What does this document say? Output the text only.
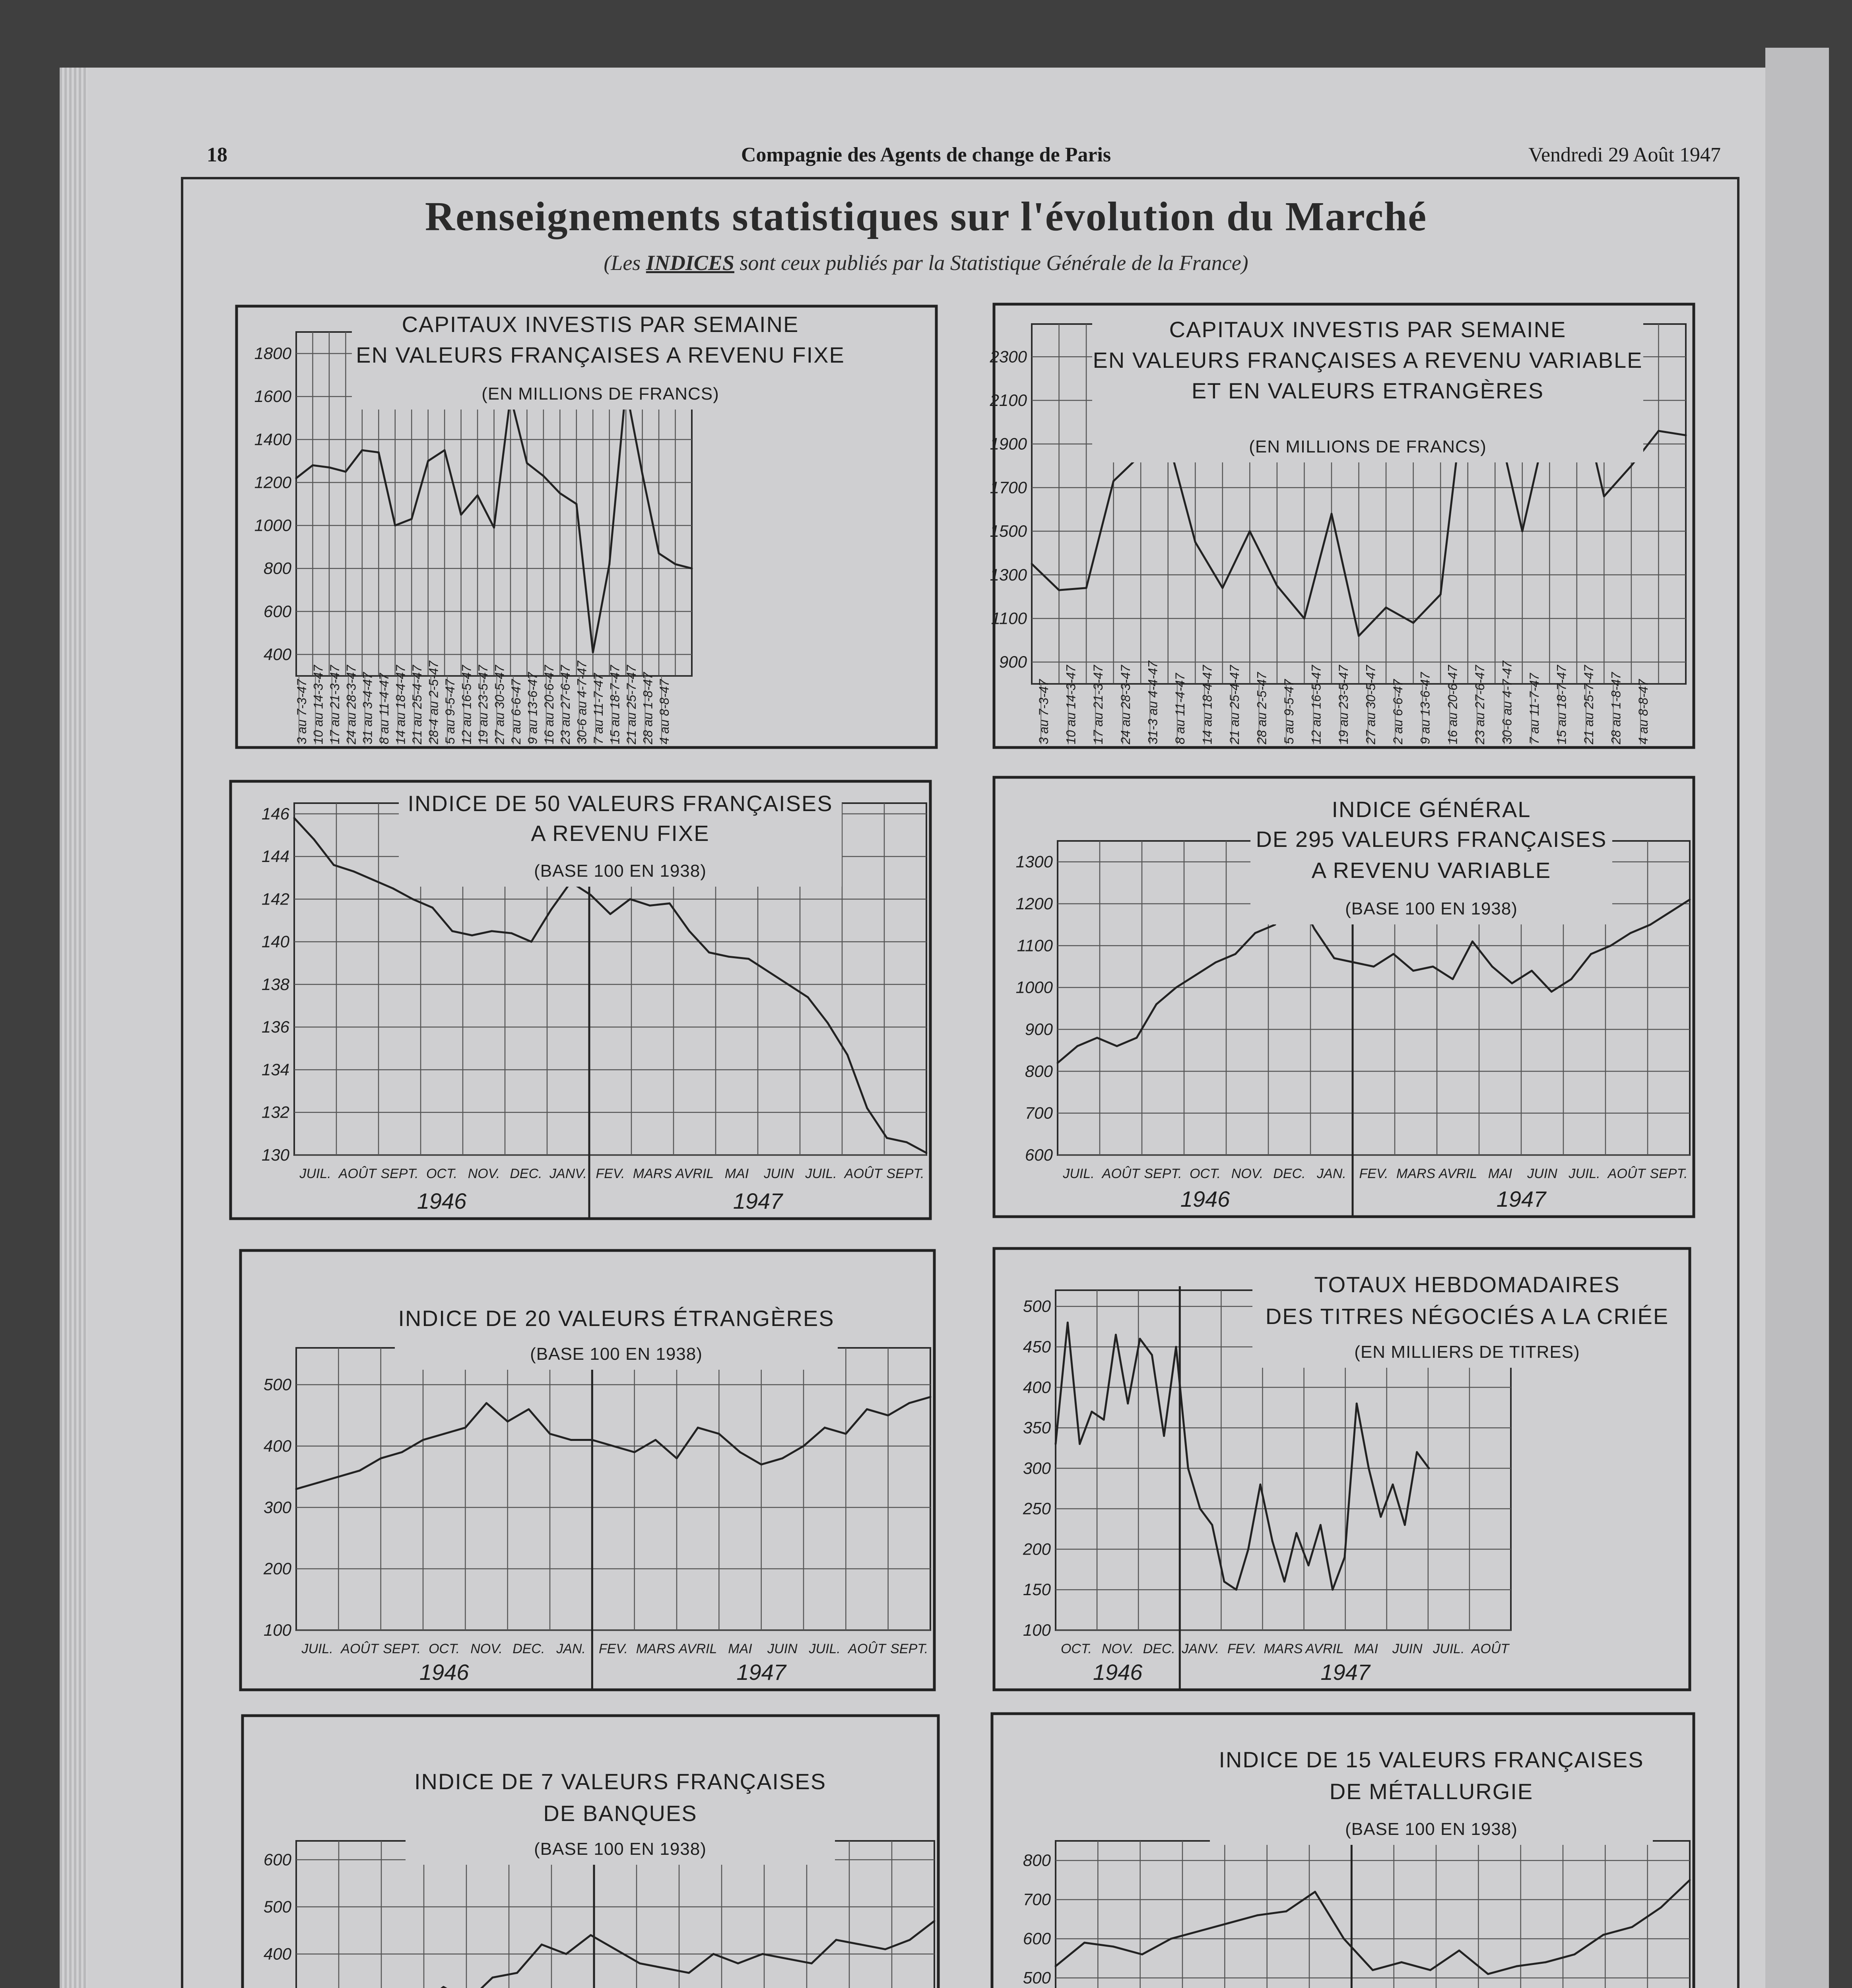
18	Compagnie des Agents de change de Paris	Vendredi 29 Août 1947
Renseignements statistiques sur l'évolution du Marché
(Les INDICES sont ceux publiés par la Statistique Générale de la France)
1800
1600
1400
1200
1000
800
600
400
3 au 7-3-47 10 au 14-3-47 17 au 21-3-47 24 au 28-3-47 31 au 3-4-47 8 au 11-4-47 14 au 18-4-47 21 au 25-4-47 28-4 au 2-5-47 5 au 9-5-47 12 au 16-5-47 19 au 23-5-47 27 au 30-5-47 2 au 6-6-47 9 au 13-6-47 16 au 20-6-47 23 au 27-6-47 30-6 au 4-7-47 7 au 11-7-47 15 au 18-7-47 21 au 25-7-47 28 au 1-8-47 4 au 8-8-47
CAPITAUX INVESTIS PAR SEMAINE
EN VALEURS FRANÇAISES A REVENU FIXE
(EN MILLIONS DE FRANCS)
2300
2100
1900
1700
1500
1300
1100
900
3 au 7-3-47 10 au 14-3-47 17 au 21-3-47 24 au 28-3-47 31-3 au 4-4-47 8 au 11-4-47 14 au 18-4-47 21 au 25-4-47 28 au 2-5-47 5 au 9-5-47 12 au 16-5-47 19 au 23-5-47 27 au 30-5-47 2 au 6-6-47 9 au 13-6-47 16 au 20-6-47 23 au 27-6-47 30-6 au 4-7-47 7 au 11-7-47 15 au 18-7-47 21 au 25-7-47 28 au 1-8-47 4 au 8-8-47
CAPITAUX INVESTIS PAR SEMAINE
EN VALEURS FRANÇAISES A REVENU VARIABLE
ET EN VALEURS ETRANGÈRES
(EN MILLIONS DE FRANCS)
146
144
142
140
138
136
134
132
130
JUIL. AOÛT SEPT. OCT. NOV. DEC. JANV. FEV. MARS AVRIL MAI JUIN JUIL. AOÛT SEPT.
1946	1947
INDICE DE 50 VALEURS FRANÇAISES
A REVENU FIXE
(BASE 100 EN 1938)	1300
1200
1100
1000
900
800
700
600
JUIL. AOÛT SEPT. OCT. NOV. DEC. JAN. FEV. MARS AVRIL MAI JUIN JUIL. AOÛT SEPT.
1946	1947
INDICE GÉNÉRAL
DE 295 VALEURS FRANÇAISES
A REVENU VARIABLE
(BASE 100 EN 1938)
500
400
300
200
100
JUIL. AOÛT SEPT. OCT. NOV. DEC. JAN. FEV. MARS AVRIL MAI JUIN JUIL. AOÛT SEPT.
1946	1947
INDICE DE 20 VALEURS ÉTRANGÈRES
(BASE 100 EN 1938)
500
450
400
350
300
250
200
150
100
OCT. NOV. DEC. JANV. FEV. MARS AVRIL MAI JUIN JUIL. AOÛT
1946	1947
TOTAUX HEBDOMADAIRES
DES TITRES NÉGOCIÉS A LA CRIÉE
(EN MILLIERS DE TITRES)
600
500
400
INDICE DE 7 VALEURS FRANÇAISES
DE BANQUES
(BASE 100 EN 1938)
800
700
600
500
INDICE DE 15 VALEURS FRANÇAISES
DE MÉTALLURGIE
(BASE 100 EN 1938)
